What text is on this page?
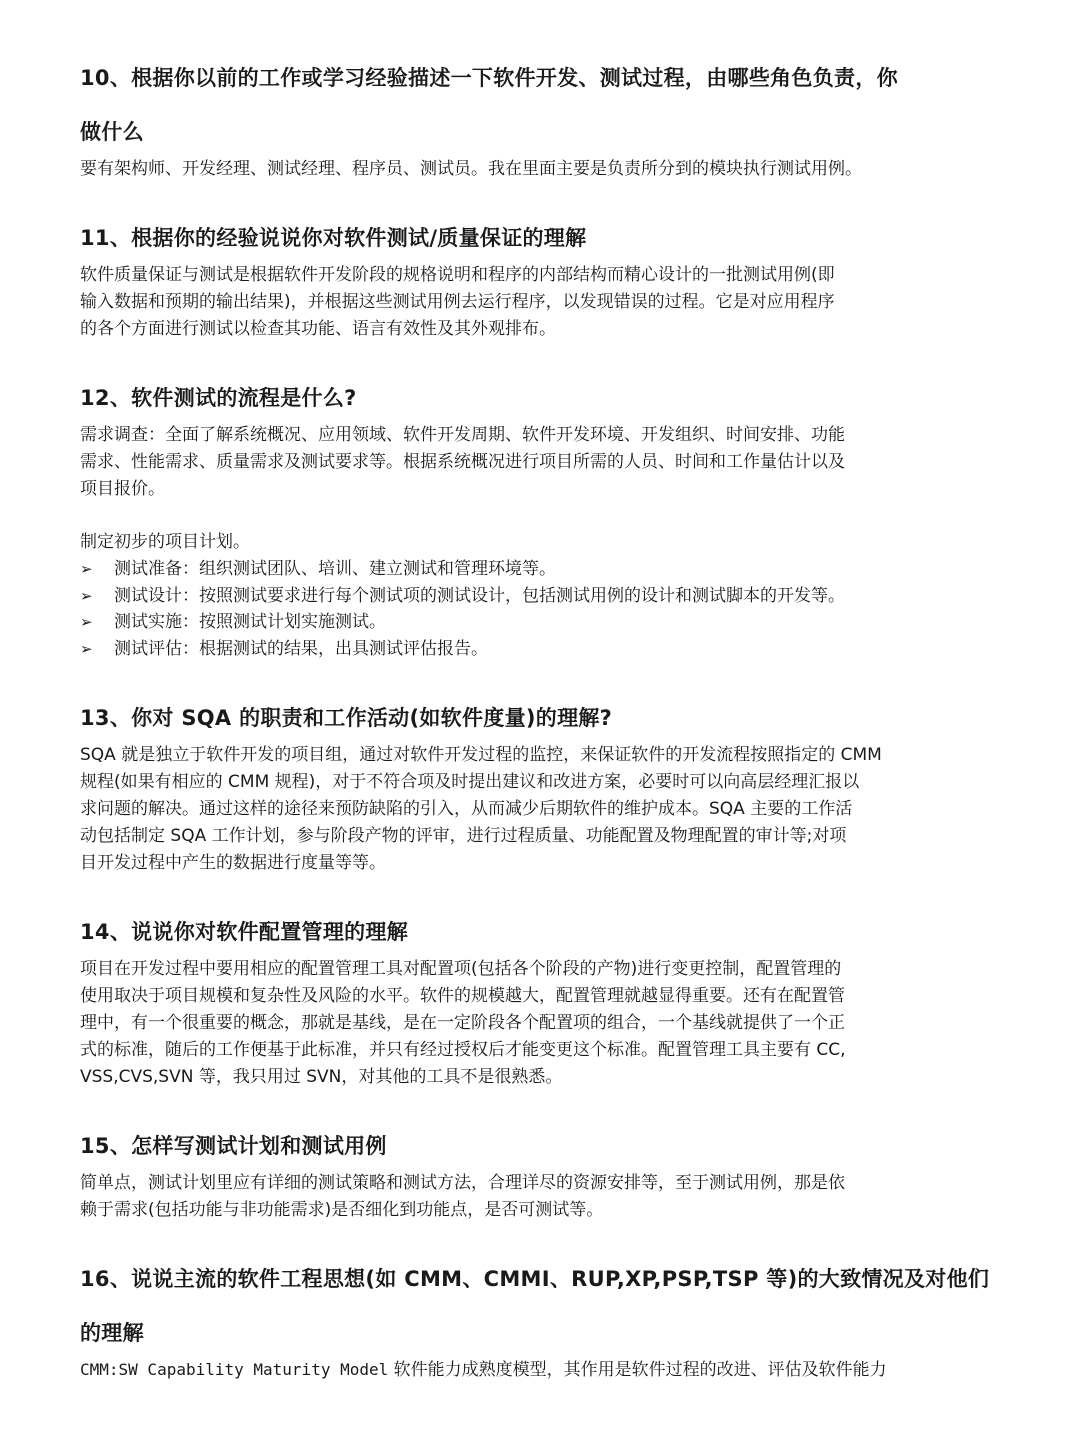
10、根据你以前的工作或学习经验描述一下软件开发、测试过程，由哪些角色负责，你
做什么
要有架构师、开发经理、测试经理、程序员、测试员。我在里面主要是负责所分到的模块执行测试用例。
11、根据你的经验说说你对软件测试/质量保证的理解
软件质量保证与测试是根据软件开发阶段的规格说明和程序的内部结构而精心设计的一批测试用例(即
输入数据和预期的输出结果)，并根据这些测试用例去运行程序，以发现错误的过程。它是对应用程序
的各个方面进行测试以检查其功能、语言有效性及其外观排布。
12、软件测试的流程是什么?
需求调查：全面了解系统概况、应用领域、软件开发周期、软件开发环境、开发组织、时间安排、功能
需求、性能需求、质量需求及测试要求等。根据系统概况进行项目所需的人员、时间和工作量估计以及
项目报价。
制定初步的项目计划。
➢ 测试准备：组织测试团队、培训、建立测试和管理环境等。
➢ 测试设计：按照测试要求进行每个测试项的测试设计，包括测试用例的设计和测试脚本的开发等。
➢ 测试实施：按照测试计划实施测试。
➢ 测试评估：根据测试的结果，出具测试评估报告。
13、你对 SQA 的职责和工作活动(如软件度量)的理解?
SQA 就是独立于软件开发的项目组，通过对软件开发过程的监控，来保证软件的开发流程按照指定的 CMM
规程(如果有相应的 CMM 规程)，对于不符合项及时提出建议和改进方案，必要时可以向高层经理汇报以
求问题的解决。通过这样的途径来预防缺陷的引入，从而减少后期软件的维护成本。SQA 主要的工作活
动包括制定 SQA 工作计划，参与阶段产物的评审，进行过程质量、功能配置及物理配置的审计等;对项
目开发过程中产生的数据进行度量等等。
14、说说你对软件配置管理的理解
项目在开发过程中要用相应的配置管理工具对配置项(包括各个阶段的产物)进行变更控制，配置管理的
使用取决于项目规模和复杂性及风险的水平。软件的规模越大，配置管理就越显得重要。还有在配置管
理中，有一个很重要的概念，那就是基线，是在一定阶段各个配置项的组合，一个基线就提供了一个正
式的标准，随后的工作便基于此标准，并只有经过授权后才能变更这个标准。配置管理工具主要有 CC,
VSS,CVS,SVN 等，我只用过 SVN，对其他的工具不是很熟悉。
15、怎样写测试计划和测试用例
简单点，测试计划里应有详细的测试策略和测试方法，合理详尽的资源安排等，至于测试用例，那是依
赖于需求(包括功能与非功能需求)是否细化到功能点，是否可测试等。
16、说说主流的软件工程思想(如 CMM、CMMI、RUP,XP,PSP,TSP 等)的大致情况及对他们
的理解
CMM:SW Capability Maturity Model 软件能力成熟度模型，其作用是软件过程的改进、评估及软件能力
